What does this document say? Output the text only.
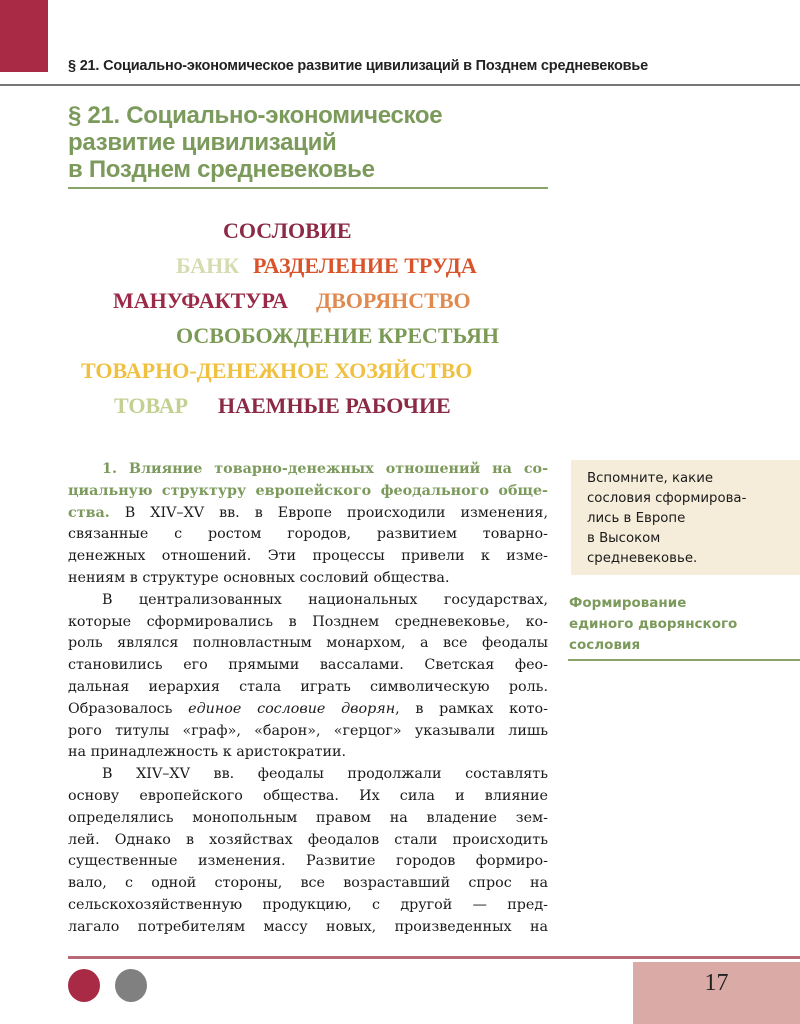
§ 21. Социально-экономическое развитие цивилизаций в Позднем средневековье
§ 21. Социально-экономическое
развитие цивилизаций
в Позднем средневековье
СОСЛОВИЕ
БАНК РАЗДЕЛЕНИЕ ТРУДА
МАНУФАКТУРА ДВОРЯНСТВО
ОСВОБОЖДЕНИЕ КРЕСТЬЯН
ТОВАРНО-ДЕНЕЖНОЕ ХОЗЯЙСТВО
ТОВАР НАЕМНЫЕ РАБОЧИЕ
1. Влияние товарно-денежных отношений на со-
циальную структуру европейского феодального обще-
ства. В XIV–XV вв. в Европе происходили изменения,
связанные с ростом городов, развитием товарно-
денежных отношений. Эти процессы привели к изме-
нениям в структуре основных сословий общества.
В централизованных национальных государствах,
которые сформировались в Позднем средневековье, ко-
роль являлся полновластным монархом, а все феодалы
становились его прямыми вассалами. Светская фео-
дальная иерархия стала играть символическую роль.
Образовалось единое сословие дворян, в рамках кото-
рого титулы «граф», «барон», «герцог» указывали лишь
на принадлежность к аристократии.
В XIV–XV вв. феодалы продолжали составлять
основу европейского общества. Их сила и влияние
определялись монопольным правом на владение зем-
лей. Однако в хозяйствах феодалов стали происходить
существенные изменения. Развитие городов формиро-
вало, с одной стороны, все возраставший спрос на
сельскохозяйственную продукцию, с другой — пред-
лагало потребителям массу новых, произведенных на
Вспомните, какие
сословия сформирова-
лись в Европе
в Высоком
средневековье.
Формирование
единого дворянского
сословия
17
